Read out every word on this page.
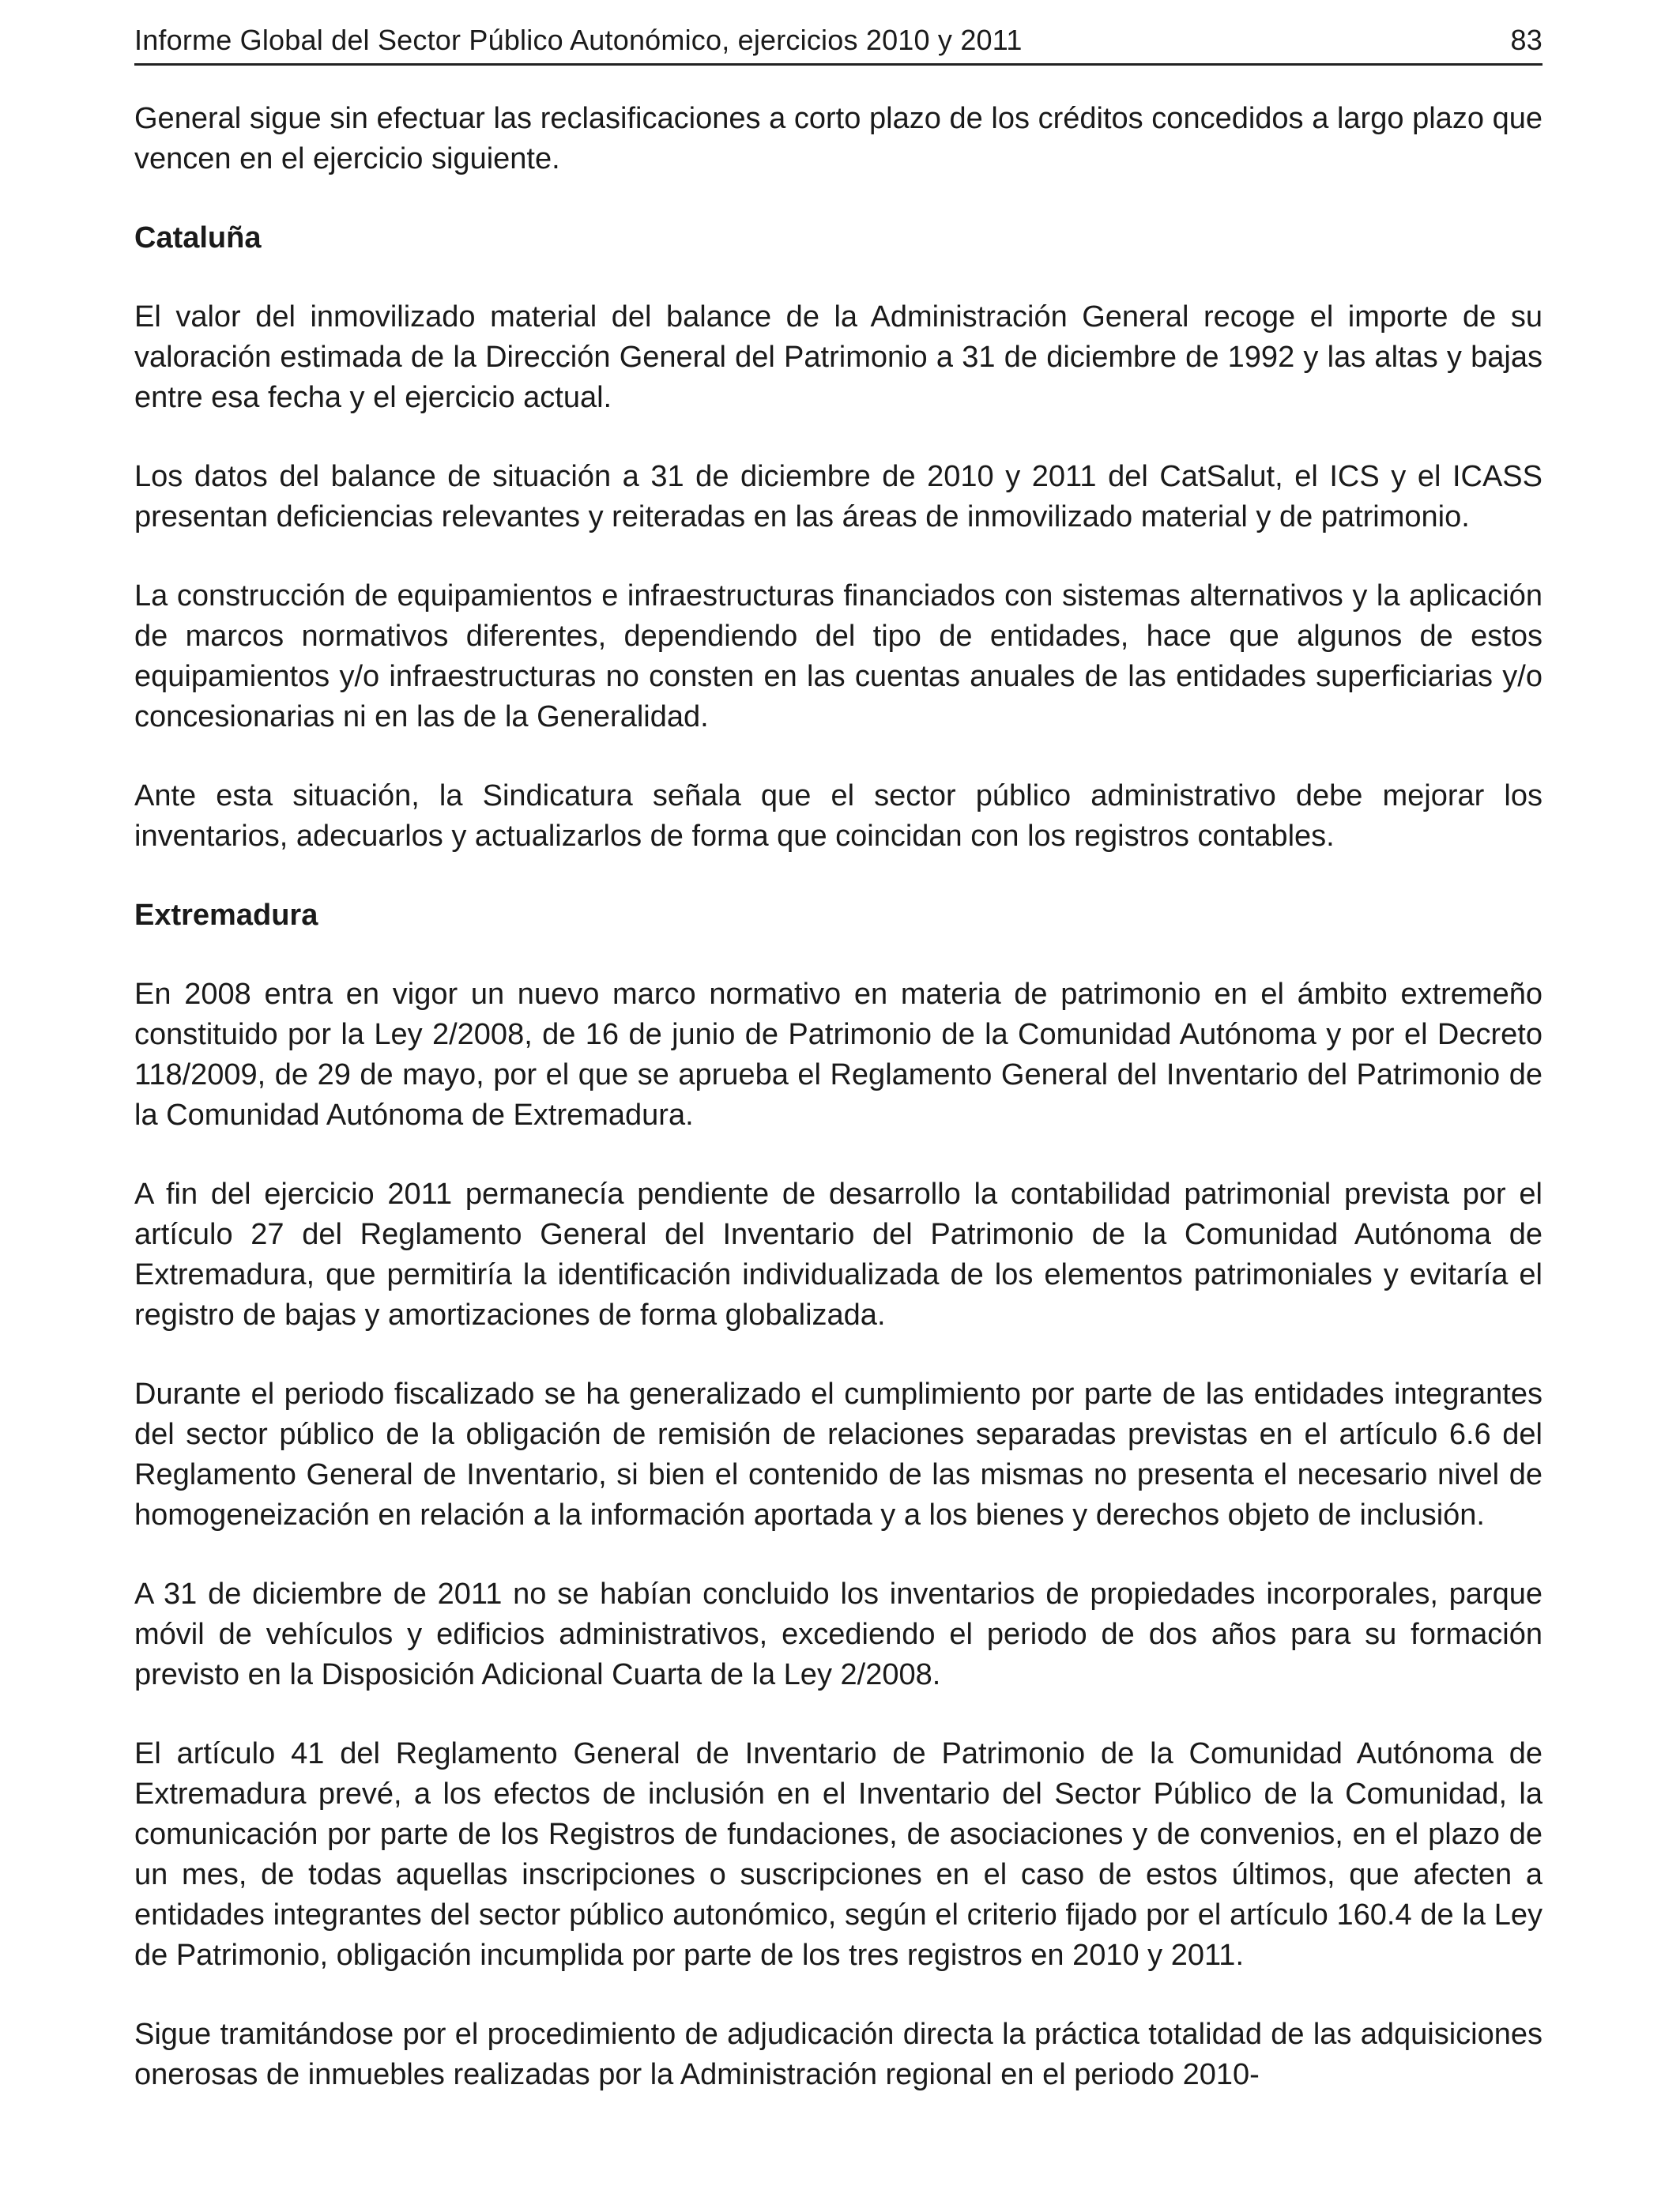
Informe Global del Sector Público Autonómico, ejercicios 2010 y 2011	83

General sigue sin efectuar las reclasificaciones a corto plazo de los créditos concedidos a largo plazo que vencen en el ejercicio siguiente.

Cataluña

El valor del inmovilizado material del balance de la Administración General recoge el importe de su valoración estimada de la Dirección General del Patrimonio a 31 de diciembre de 1992 y las altas y bajas entre esa fecha y el ejercicio actual.

Los datos del balance de situación a 31 de diciembre de 2010 y 2011 del CatSalut, el ICS y el ICASS presentan deficiencias relevantes y reiteradas en las áreas de inmovilizado material y de patrimonio.

La construcción de equipamientos e infraestructuras financiados con sistemas alternativos y la aplicación de marcos normativos diferentes, dependiendo del tipo de entidades, hace que algunos de estos equipamientos y/o infraestructuras no consten en las cuentas anuales de las entidades superficiarias y/o concesionarias ni en las de la Generalidad.

Ante esta situación, la Sindicatura señala que el sector público administrativo debe mejorar los inventarios, adecuarlos y actualizarlos de forma que coincidan con los registros contables.

Extremadura

En 2008 entra en vigor un nuevo marco normativo en materia de patrimonio en el ámbito extremeño constituido por la Ley 2/2008, de 16 de junio de Patrimonio de la Comunidad Autónoma y por el Decreto 118/2009, de 29 de mayo, por el que se aprueba el Reglamento General del Inventario del Patrimonio de la Comunidad Autónoma de Extremadura.

A fin del ejercicio 2011 permanecía pendiente de desarrollo la contabilidad patrimonial prevista por el artículo 27 del Reglamento General del Inventario del Patrimonio de la Comunidad Autónoma de Extremadura, que permitiría la identificación individualizada de los elementos patrimoniales y evitaría el registro de bajas y amortizaciones de forma globalizada.

Durante el periodo fiscalizado se ha generalizado el cumplimiento por parte de las entidades integrantes del sector público de la obligación de remisión de relaciones separadas previstas en el artículo 6.6 del Reglamento General de Inventario, si bien el contenido de las mismas no presenta el necesario nivel de homogeneización en relación a la información aportada y a los bienes y derechos objeto de inclusión.

A 31 de diciembre de 2011 no se habían concluido los inventarios de propiedades incorporales, parque móvil de vehículos y edificios administrativos, excediendo el periodo de dos años para su formación previsto en la Disposición Adicional Cuarta de la Ley 2/2008.

El artículo 41 del Reglamento General de Inventario de Patrimonio de la Comunidad Autónoma de Extremadura prevé, a los efectos de inclusión en el Inventario del Sector Público de la Comunidad, la comunicación por parte de los Registros de fundaciones, de asociaciones y de convenios, en el plazo de un mes, de todas aquellas inscripciones o suscripciones en el caso de estos últimos, que afecten a entidades integrantes del sector público autonómico, según el criterio fijado por el artículo 160.4 de la Ley de Patrimonio, obligación incumplida por parte de los tres registros en 2010 y 2011.

Sigue tramitándose por el procedimiento de adjudicación directa la práctica totalidad de las adquisiciones onerosas de inmuebles realizadas por la Administración regional en el periodo 2010-
